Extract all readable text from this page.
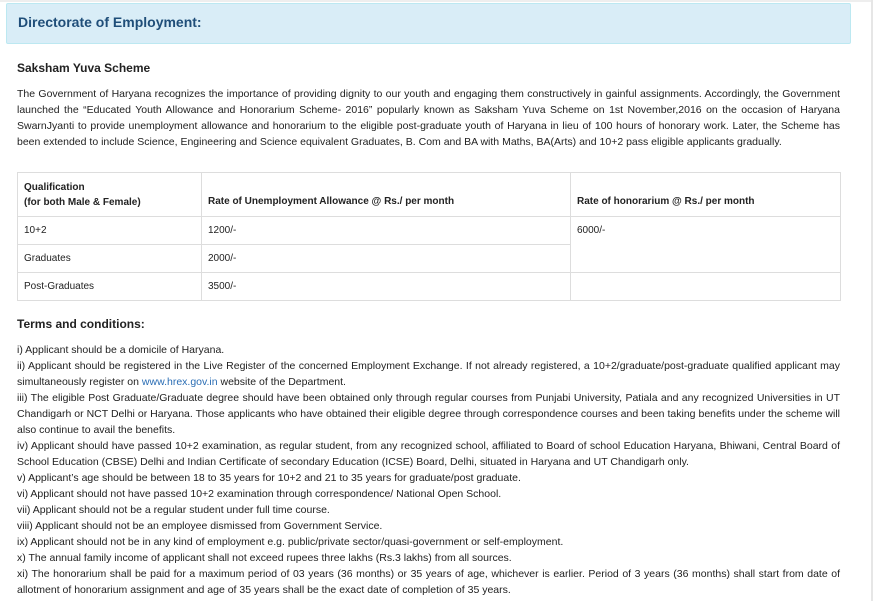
Directorate of Employment:
Saksham Yuva Scheme

The Government of Haryana recognizes the importance of providing dignity to our youth and engaging them constructively in gainful assignments. Accordingly, the Government launched the “Educated Youth Allowance and Honorarium Scheme- 2016” popularly known as Saksham Yuva Scheme on 1st November,2016 on the occasion of Haryana SwarnJyanti to provide unemployment allowance and honorarium to the eligible post-graduate youth of Haryana in lieu of 100 hours of honorary work. Later, the Scheme has been extended to include Science, Engineering and Science equivalent Graduates, B. Com and BA with Maths, BA(Arts) and 10+2 pass eligible applicants gradually.

Qualification
(for both Male & Female)	Rate of Unemployment Allowance @ Rs./ per month	Rate of honorarium @ Rs./ per month
10+2	1200/-	6000/-
Graduates	2000/-	
Post-Graduates	3500/-	
Terms and conditions:
i) Applicant should be a domicile of Haryana.
ii) Applicant should be registered in the Live Register of the concerned Employment Exchange. If not already registered, a 10+2/graduate/post-graduate qualified applicant may simultaneously register on www.hrex.gov.in website of the Department.
iii) The eligible Post Graduate/Graduate degree should have been obtained only through regular courses from Punjabi University, Patiala and any recognized Universities in UT Chandigarh or NCT Delhi or Haryana. Those applicants who have obtained their eligible degree through correspondence courses and been taking benefits under the scheme will also continue to avail the benefits.
iv) Applicant should have passed 10+2 examination, as regular student, from any recognized school, affiliated to Board of school Education Haryana, Bhiwani, Central Board of School Education (CBSE) Delhi and Indian Certificate of secondary Education (ICSE) Board, Delhi, situated in Haryana and UT Chandigarh only.
v) Applicant’s age should be between 18 to 35 years for 10+2 and 21 to 35 years for graduate/post graduate.
vi) Applicant should not have passed 10+2 examination through correspondence/ National Open School.
vii) Applicant should not be a regular student under full time course.
viii) Applicant should not be an employee dismissed from Government Service.
ix) Applicant should not be in any kind of employment e.g. public/private sector/quasi-government or self-employment.
x) The annual family income of applicant shall not exceed rupees three lakhs (Rs.3 lakhs) from all sources.
xi) The honorarium shall be paid for a maximum period of 03 years (36 months) or 35 years of age, whichever is earlier. Period of 3 years (36 months) shall start from date of allotment of honorarium assignment and age of 35 years shall be the exact date of completion of 35 years.
